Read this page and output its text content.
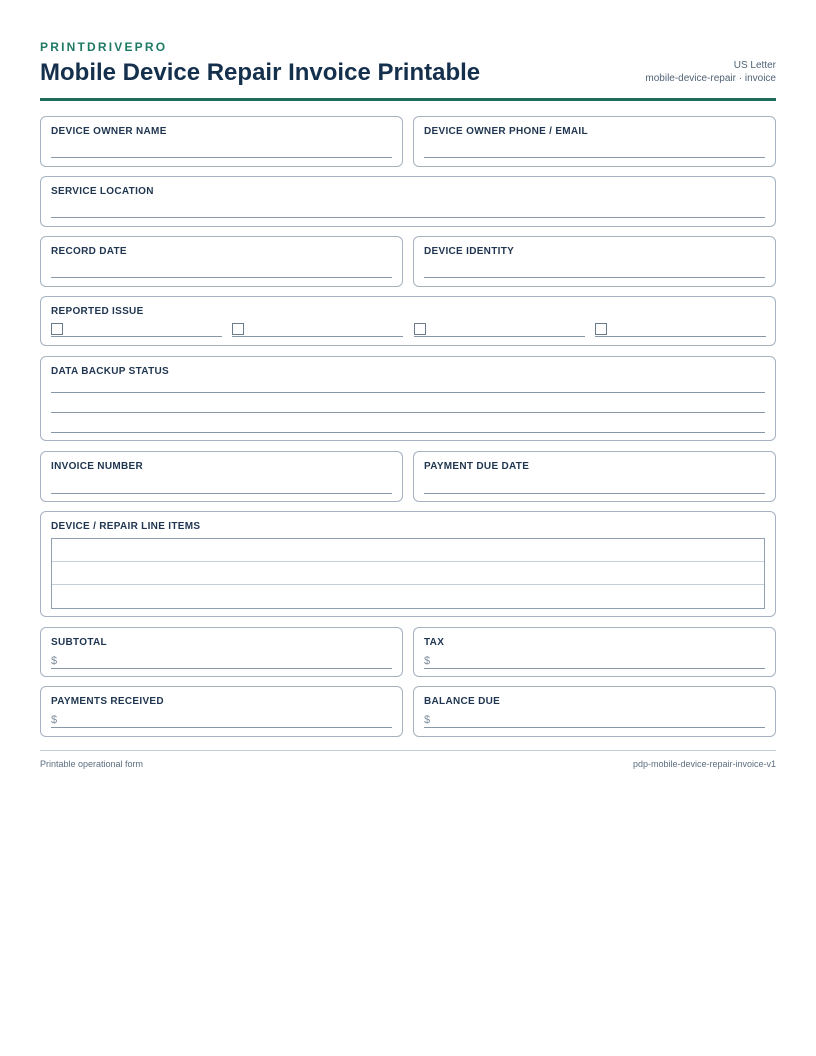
PRINTDRIVEPRO
Mobile Device Repair Invoice Printable	US Letter
mobile-device-repair · invoice
DEVICE OWNER NAME	DEVICE OWNER PHONE / EMAIL
SERVICE LOCATION
RECORD DATE	DEVICE IDENTITY
REPORTED ISSUE
DATA BACKUP STATUS
INVOICE NUMBER	PAYMENT DUE DATE
DEVICE / REPAIR LINE ITEMS
SUBTOTAL
$
TAX
$
PAYMENTS RECEIVED
$
BALANCE DUE
$
Printable operational form	pdp-mobile-device-repair-invoice-v1
